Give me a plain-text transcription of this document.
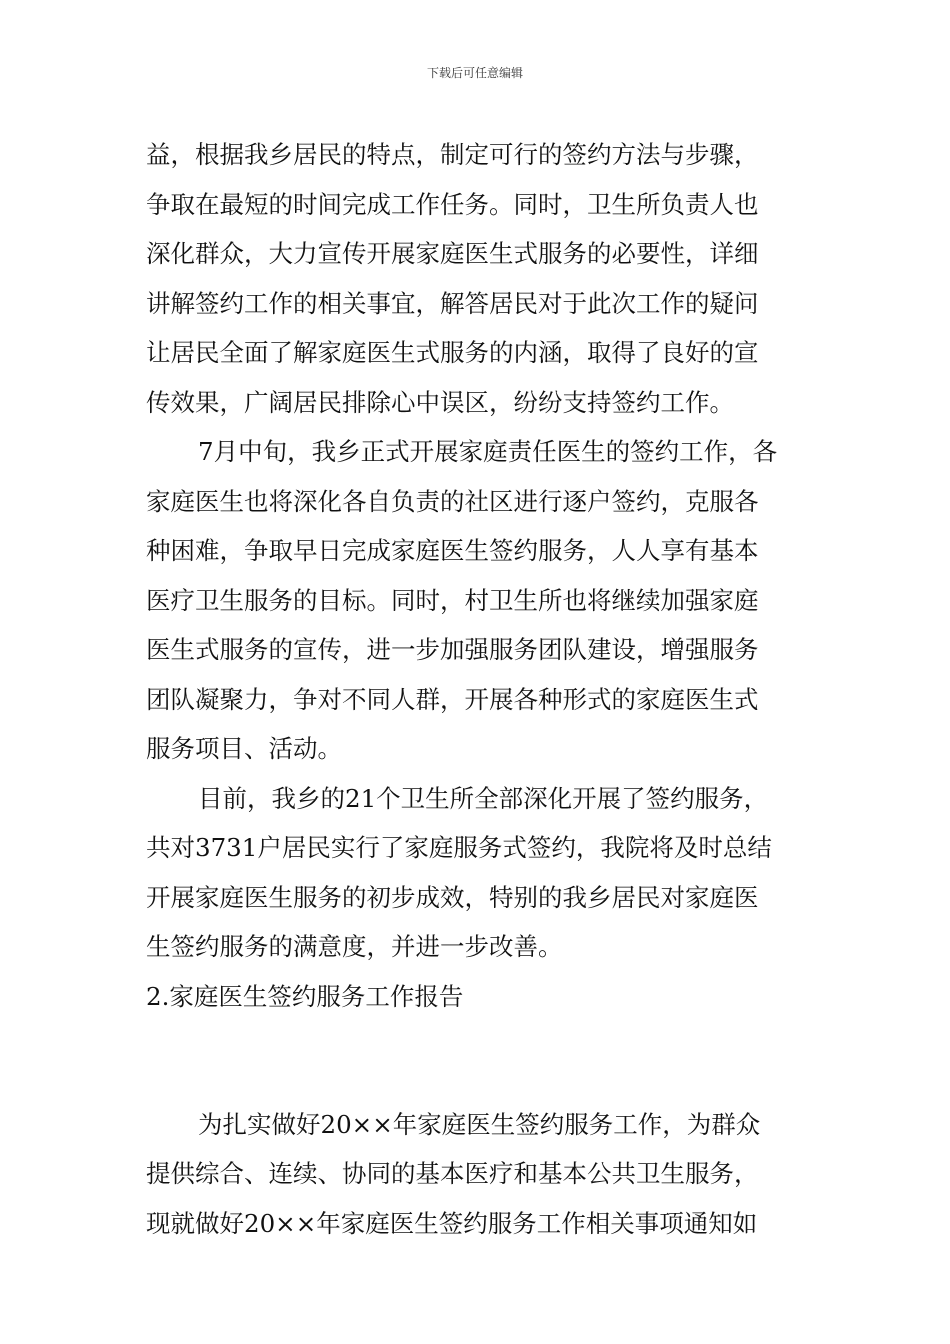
下载后可任意编辑
益，根据我乡居民的特点，制定可行的签约方法与步骤，
争取在最短的时间完成工作任务。同时，卫生所负责人也
深化群众，大力宣传开展家庭医生式服务的必要性，详细
讲解签约工作的相关事宜，解答居民对于此次工作的疑问
让居民全面了解家庭医生式服务的内涵，取得了良好的宣
传效果，广阔居民排除心中误区，纷纷支持签约工作。
7月中旬，我乡正式开展家庭责任医生的签约工作，各
家庭医生也将深化各自负责的社区进行逐户签约，克服各
种困难，争取早日完成家庭医生签约服务，人人享有基本
医疗卫生服务的目标。同时，村卫生所也将继续加强家庭
医生式服务的宣传，进一步加强服务团队建设，增强服务
团队凝聚力，争对不同人群，开展各种形式的家庭医生式
服务项目、活动。
目前，我乡的21个卫生所全部深化开展了签约服务，
共对3731户居民实行了家庭服务式签约，我院将及时总结
开展家庭医生服务的初步成效，特别的我乡居民对家庭医
生签约服务的满意度，并进一步改善。
2.家庭医生签约服务工作报告
为扎实做好20××年家庭医生签约服务工作，为群众
提供综合、连续、协同的基本医疗和基本公共卫生服务，
现就做好20××年家庭医生签约服务工作相关事项通知如
